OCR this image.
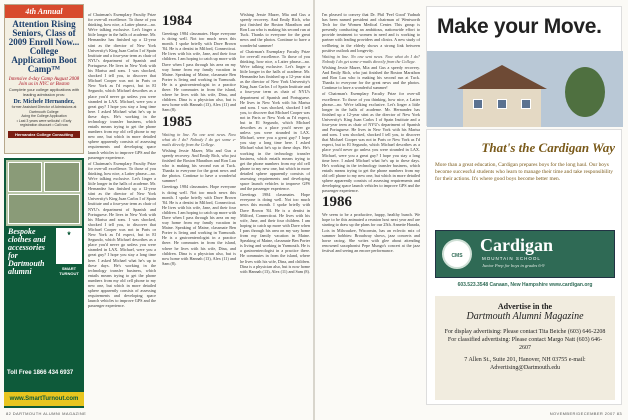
4th Annual
Attention Rising Seniors, Class of 2009 Enroll Now... College Application Boot Camp™
Intensive 4-day Camp August 2008 Join us in NYC or Boston
Complete your college applications with leading admission pros:
Dr. Michele Hernandez,
former Assistant Director of Admissions at Dartmouth College
Acing the College Application
• Last 3 years were sellouts! • Early registration discount • Call now
Hernandez College Consulting
Bespoke clothes and accessories for Dartmouth alumni
⚜
SMART TURNOUT
Toll Free 1866 434 6937
www.SmartTurnout.com

of Chairman's Exemplary Faculty Prize for over-all excellence. To those of you thinking, how nice, a Latter phrase—no. We're talking exclusive. Let's linger a little longer in the halls of academe. Mr. Hernandez has finished up a 12-year stint as the director of New York University's King Juan Carlos I of Spain Institute and a four-year term as chair of NYU's department of Spanish and Portuguese. He lives in New York with his Marisa and sons. I was shocked, shocked I tell you, to discover that Michael Cooper was not in Paris or New York as I'd expect, but in El Segundo, which Michael describes as a place you'd never go unless you were stranded in LAX. Michael, were you a great guy? I hope you stay a long time here. I asked Michael what he's up to these days. He's working in the technology transfer business, which entails means trying to get the phone numbers from my old cell phone to my new one, but which in more detailed sphere apparently consists of assessing requirements and developing space launch vehicles to improve GPS and the passenger experience.

of Chairman's Exemplary Faculty Prize for over-all excellence. To those of you thinking, how nice, a Latter phrase—no. We're talking exclusive. Let's linger a little longer in the halls of academe. Mr. Hernandez has finished up a 12-year stint as the director of New York University's King Juan Carlos I of Spain Institute and a four-year term as chair of NYU's department of Spanish and Portuguese. He lives in New York with his Marisa and sons. I was shocked, shocked I tell you, to discover that Michael Cooper was not in Paris or New York as I'd expect, but in El Segundo, which Michael describes as a place you'd never go unless you were stranded in LAX. Michael, were you a great guy? I hope you stay a long time here. I asked Michael what he's up to these days. He's working in the technology transfer business, which entails means trying to get the phone numbers from my old cell phone to my new one, but which in more detailed sphere apparently consists of assessing requirements and developing space launch vehicles to improve GPS and the passenger experience.

1984

Greetings 1984 classmates. Hope everyone is doing well. Not too much news this month. I spoke briefly with Dave Brown '84. He is a dentist in Milford, Connecticut. He lives with his wife, Jane, and their four children. I am hoping to catch up more with Dave when I pass through his area on my way home from my family vacation in Maine. Speaking of Maine, classmate Ben Porter is living and working in Yarmouth. He is a gastroenterologist in a practice there. He commutes in from the island, where he lives with his wife, Dina, and children. Dina is a physician also, but is now home with Hannah (13), Alex (11) and Sam (8).

1985

Waiting in line. No one sent news. Now what do I do? Nobody I do get some e-mails directly from the College.

Wishing Jessie Mazer, Mia and Gus a speedy recovery. And Emily Rich, who just finished the Boston Marathon and Ron Luu who is making his second run at Tuck. Thanks to everyone for the great news and the photos. Continue to have a wonderful summer!

Greetings 1984 classmates. Hope everyone is doing well. Not too much news this month. I spoke briefly with Dave Brown '84. He is a dentist in Milford, Connecticut. He lives with his wife, Jane, and their four children. I am hoping to catch up more with Dave when I pass through his area on my way home from my family vacation in Maine. Speaking of Maine, classmate Ben Porter is living and working in Yarmouth. He is a gastroenterologist in a practice there. He commutes in from the island, where he lives with his wife, Dina, and children. Dina is a physician also, but is now home with Hannah (13), Alex (11) and Sam (8).

Wishing Jessie Mazer, Mia and Gus a speedy recovery. And Emily Rich, who just finished the Boston Marathon and Ron Luu who is making his second run at Tuck. Thanks to everyone for the great news and the photos. Continue to have a wonderful summer!

of Chairman's Exemplary Faculty Prize for over-all excellence. To those of you thinking, how nice, a Latter phrase—no. We're talking exclusive. Let's linger a little longer in the halls of academe. Mr. Hernandez has finished up a 12-year stint as the director of New York University's King Juan Carlos I of Spain Institute and a four-year term as chair of NYU's department of Spanish and Portuguese. He lives in New York with his Marisa and sons. I was shocked, shocked I tell you, to discover that Michael Cooper was not in Paris or New York as I'd expect, but in El Segundo, which Michael describes as a place you'd never go unless you were stranded in LAX. Michael, were you a great guy? I hope you stay a long time here. I asked Michael what he's up to these days. He's working in the technology transfer business, which entails means trying to get the phone numbers from my old cell phone to my new one, but which in more detailed sphere apparently consists of assessing requirements and developing space launch vehicles to improve GPS and the passenger experience.

Greetings 1984 classmates. Hope everyone is doing well. Not too much news this month. I spoke briefly with Dave Brown '84. He is a dentist in Milford, Connecticut. He lives with his wife, Jane, and their four children. I am hoping to catch up more with Dave when I pass through his area on my way home from my family vacation in Maine. Speaking of Maine, classmate Ben Porter is living and working in Yarmouth. He is a gastroenterologist in a practice there. He commutes in from the island, where he lives with his wife, Dina, and children. Dina is a physician also, but is now home with Hannah (13), Alex (11) and Sam (8).

I'm pleased to convey that Dr. Phil 'Feel Good' Yudnah has been named president and chairman of Wentworth Tech for the Women Medical Center. This group is presently conducting an ambitious, nationwide effort to provide treatment to women in need and is working to partner with leading providers and clinics. A new study of wellbeing in the elderly shows a strong link between positive outlook and longevity.

Waiting in line. No one sent news. Now what do I do? Nobody I do get some e-mails directly from the College.

Wishing Jessie Mazer, Mia and Gus a speedy recovery. And Emily Rich, who just finished the Boston Marathon and Ron Luu who is making his second run at Tuck. Thanks to everyone for the great news and the photos. Continue to have a wonderful summer!

of Chairman's Exemplary Faculty Prize for over-all excellence. To those of you thinking, how nice, a Latter phrase—no. We're talking exclusive. Let's linger a little longer in the halls of academe. Mr. Hernandez has finished up a 12-year stint as the director of New York University's King Juan Carlos I of Spain Institute and a four-year term as chair of NYU's department of Spanish and Portuguese. He lives in New York with his Marisa and sons. I was shocked, shocked I tell you, to discover that Michael Cooper was not in Paris or New York as I'd expect, but in El Segundo, which Michael describes as a place you'd never go unless you were stranded in LAX. Michael, were you a great guy? I hope you stay a long time here. I asked Michael what he's up to these days. He's working in the technology transfer business, which entails means trying to get the phone numbers from my old cell phone to my new one, but which in more detailed sphere apparently consists of assessing requirements and developing space launch vehicles to improve GPS and the passenger experience.

1986

We seem to be a productive, happy, healthy bunch. We hope to be this animated a reunion host next year and are starting to draw up the plans for our 25th. Annette Harada, Lois in Milwaukee, Wisconsin, has an eclectic mix of summer hobbies: Broadway shows, jazz concerts and horse racing. She writes with glee about attending renowned saxophonist Pepe Mungo's concert at the jazz festival and seeing an encore performance.

Make your Move.
That's the Cardigan Way
More than a great education, Cardigan prepares boys for the long haul. Our boys become successful students who learn to manage their time and take responsibility for their actions. It's where good boys become better men.
CMS
Cardigan
MOUNTAIN SCHOOL
Junior Prep for boys in grades 6-9
603.523.3548 Canaan, New Hampshire www.cardigan.org
Advertise in the
Dartmouth Alumni Magazine
For display advertising: Please contact Tita Beiche (603) 646-2208
For classified advertising: Please contact Margo Natt (603) 646-2607
7 Allen St., Suite 201, Hanover, NH 03755 e-mail: Advertising@Dartmouth.edu
82 DARTMOUTH ALUMNI MAGAZINE	NOVEMBER/DECEMBER 2007 83
